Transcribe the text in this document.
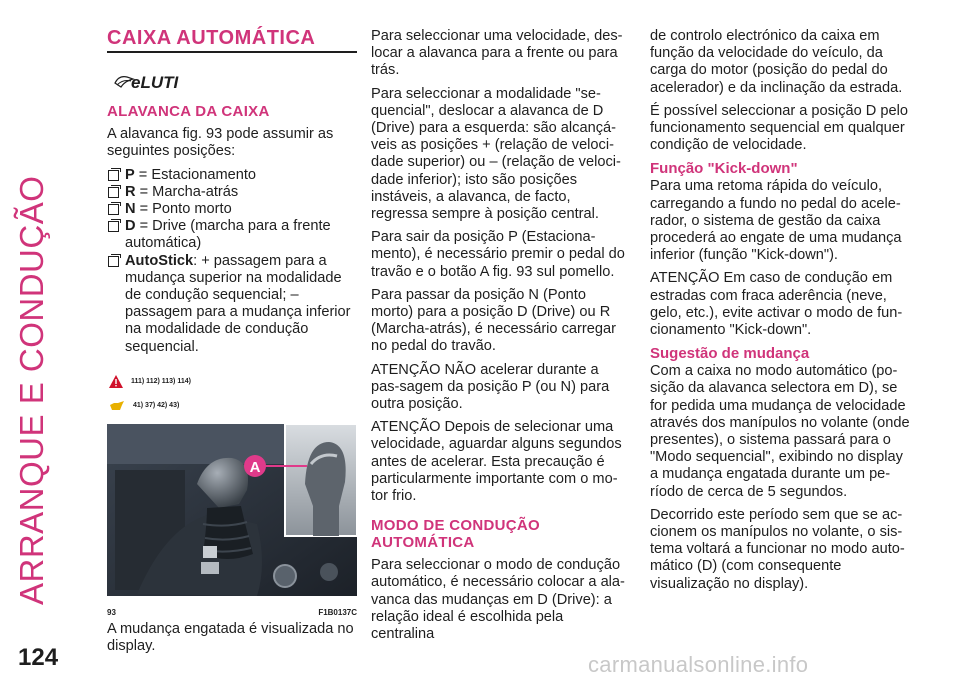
ARRANQUE E CONDUÇÃO
124	carmanualsonline.info
CAIXA AUTOMÁTICA
eLUTI
ALAVANCA DA CAIXA

A alavanca fig. 93 pode assumir as seguintes posições:

P = Estacionamento
R = Marcha-atrás
N = Ponto morto
D = Drive (marcha para a frente automática)
AutoStick: + passagem para a mudança superior na modalidade de condução sequencial; – passagem para a mudança inferior na modalidade de condução sequencial.
111) 112) 113) 114)
41) 37) 42) 43)
A
93	F1B0137C

A mudança engatada é visualizada no display.

Para seleccionar uma velocidade, des-locar a alavanca para a frente ou para trás.

Para seleccionar a modalidade "se-quencial", deslocar a alavanca de D (Drive) para a esquerda: são alcançá-veis as posições + (relação de veloci-dade superior) ou – (relação de veloci-dade inferior); isto são posições instáveis, a alavanca, de facto, regressa sempre à posição central.

Para sair da posição P (Estaciona-mento), é necessário premir o pedal do travão e o botão A fig. 93 sul pomello.

Para passar da posição N (Ponto morto) para a posição D (Drive) ou R (Marcha-atrás), é necessário carregar no pedal do travão.

ATENÇÃO NÃO acelerar durante a pas-sagem da posição P (ou N) para outra posição.

ATENÇÃO Depois de selecionar uma velocidade, aguardar alguns segundos antes de acelerar. Esta precaução é particularmente importante com o mo-tor frio.

MODO DE CONDUÇÃO AUTOMÁTICA

Para seleccionar o modo de condução automático, é necessário colocar a ala-vanca das mudanças em D (Drive): a relação ideal é escolhida pela centralina

de controlo electrónico da caixa em função da velocidade do veículo, da carga do motor (posição do pedal do acelerador) e da inclinação da estrada.

É possível seleccionar a posição D pelo funcionamento sequencial em qualquer condição de velocidade.

Função "Kick-down"

Para uma retoma rápida do veículo, carregando a fundo no pedal do acele-rador, o sistema de gestão da caixa procederá ao engate de uma mudança inferior (função "Kick-down").

ATENÇÃO Em caso de condução em estradas com fraca aderência (neve, gelo, etc.), evite activar o modo de fun-cionamento "Kick-down".

Sugestão de mudança

Com a caixa no modo automático (po-sição da alavanca selectora em D), se for pedida uma mudança de velocidade através dos manípulos no volante (onde presentes), o sistema passará para o "Modo sequencial", exibindo no display a mudança engatada durante um pe-ríodo de cerca de 5 segundos.

Decorrido este período sem que se ac-cionem os manípulos no volante, o sis-tema voltará a funcionar no modo auto-mático (D) (com consequente visualização no display).
